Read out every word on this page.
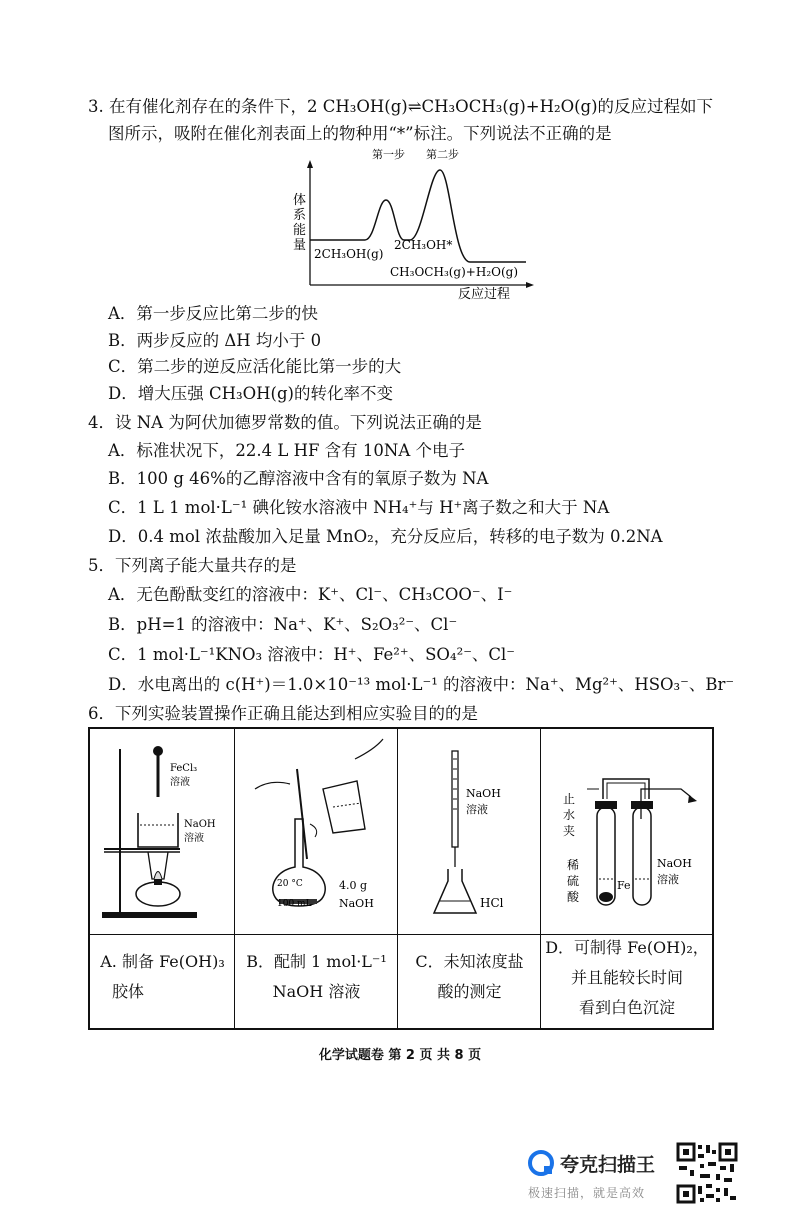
3. 在有催化剂存在的条件下，2 CH₃OH(g)⇌CH₃OCH₃(g)+H₂O(g)的反应过程如下
图所示，吸附在催化剂表面上的物种用“*”标注。下列说法不正确的是
第一步 第二步
体
系
能
量
2CH₃OH(g)
2CH₃OH*
CH₃OCH₃(g)+H₂O(g)
反应过程
A．第一步反应比第二步的快
B．两步反应的 ΔH 均小于 0
C．第二步的逆反应活化能比第一步的大
D．增大压强 CH₃OH(g)的转化率不变
4．设 NA 为阿伏加德罗常数的值。下列说法正确的是
A．标准状况下，22.4 L HF 含有 10NA 个电子
B．100 g 46%的乙醇溶液中含有的氧原子数为 NA
C．1 L 1 mol·L⁻¹ 碘化铵水溶液中 NH₄⁺与 H⁺离子数之和大于 NA
D．0.4 mol 浓盐酸加入足量 MnO₂，充分反应后，转移的电子数为 0.2NA
5．下列离子能大量共存的是
A．无色酚酞变红的溶液中：K⁺、Cl⁻、CH₃COO⁻、I⁻
B．pH=1 的溶液中：Na⁺、K⁺、S₂O₃²⁻、Cl⁻
C．1 mol·L⁻¹KNO₃ 溶液中：H⁺、Fe²⁺、SO₄²⁻、Cl⁻
D．水电离出的 c(H⁺)＝1.0×10⁻¹³ mol·L⁻¹ 的溶液中：Na⁺、Mg²⁺、HSO₃⁻、Br⁻
6．下列实验装置操作正确且能达到相应实验目的的是
FeCl₃
溶液
NaOH
溶液
20 °C
100 mL
4.0 g
NaOH
NaOH
溶液
HCl
止
水
夹
稀
硫
酸
Fe
NaOH
溶液
A. 制备 Fe(OH)₃
胶体
B．配制 1 mol·L⁻¹
NaOH 溶液
C．未知浓度盐
酸的测定
D．可制得 Fe(OH)₂，
并且能较长时间
看到白色沉淀
化学试题卷 第 2 页 共 8 页
夸克扫描王
极速扫描，就是高效
